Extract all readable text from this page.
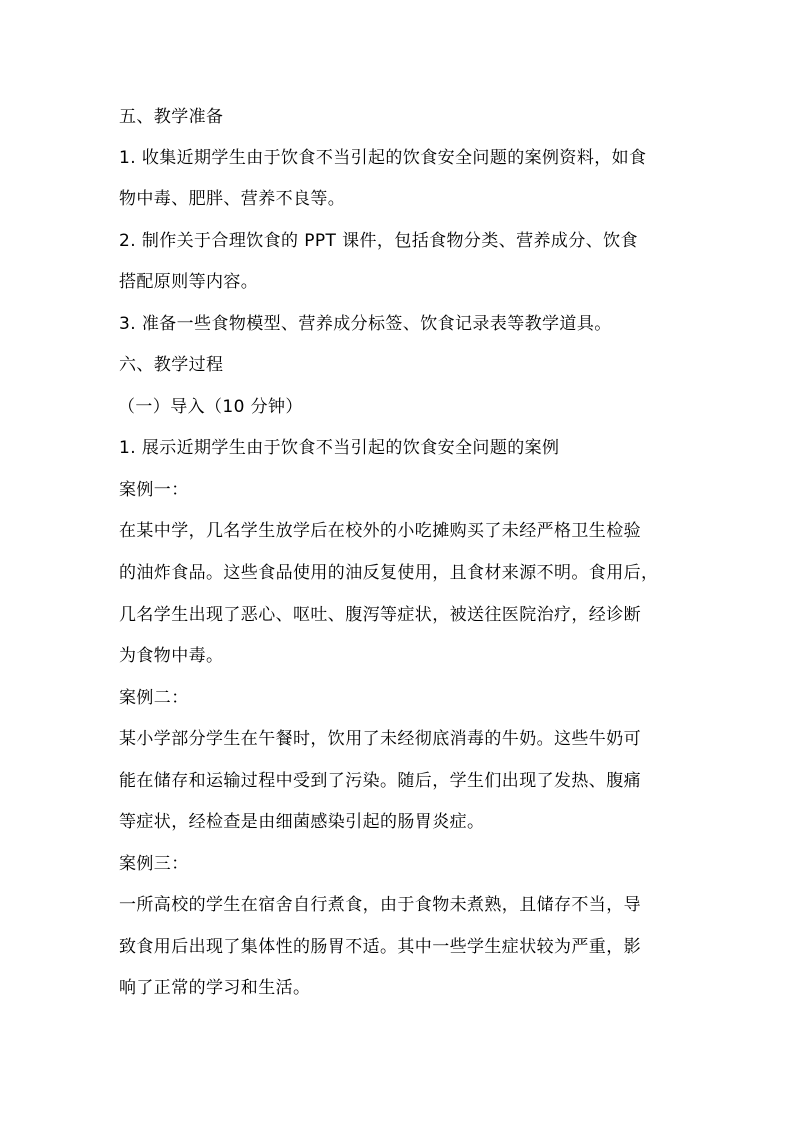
五、教学准备
1. 收集近期学生由于饮食不当引起的饮食安全问题的案例资料，如食
物中毒、肥胖、营养不良等。
2. 制作关于合理饮食的 PPT 课件，包括食物分类、营养成分、饮食
搭配原则等内容。
3. 准备一些食物模型、营养成分标签、饮食记录表等教学道具。
六、教学过程
（一）导入（10 分钟）
1. 展示近期学生由于饮食不当引起的饮食安全问题的案例
案例一：
在某中学，几名学生放学后在校外的小吃摊购买了未经严格卫生检验
的油炸食品。这些食品使用的油反复使用，且食材来源不明。食用后，
几名学生出现了恶心、呕吐、腹泻等症状，被送往医院治疗，经诊断
为食物中毒。
案例二：
某小学部分学生在午餐时，饮用了未经彻底消毒的牛奶。这些牛奶可
能在储存和运输过程中受到了污染。随后，学生们出现了发热、腹痛
等症状，经检查是由细菌感染引起的肠胃炎症。
案例三：
一所高校的学生在宿舍自行煮食，由于食物未煮熟，且储存不当，导
致食用后出现了集体性的肠胃不适。其中一些学生症状较为严重，影
响了正常的学习和生活。
